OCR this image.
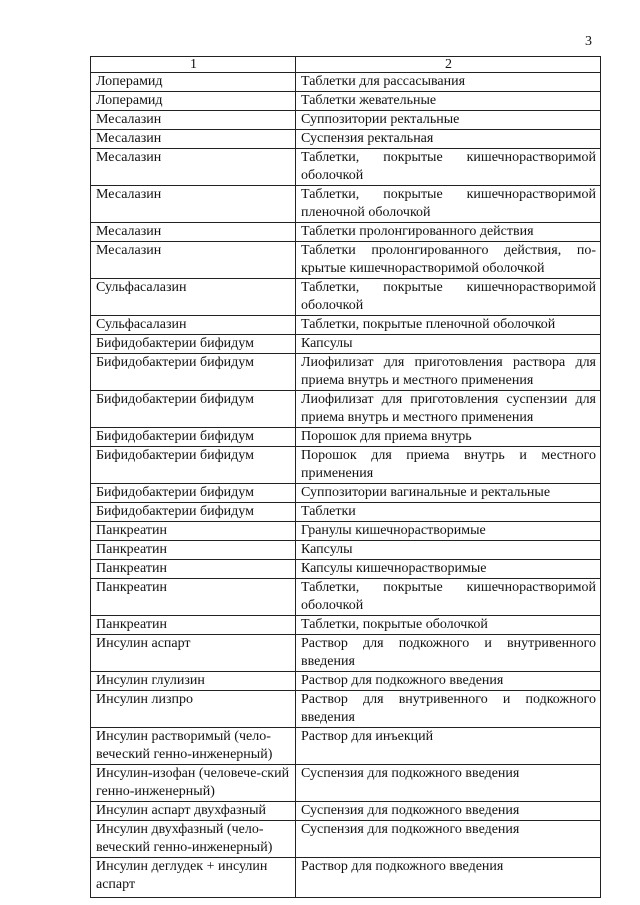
3
1	2
Лоперамид	Таблетки для рассасывания
Лоперамид	Таблетки жевательные
Месалазин	Суппозитории ректальные
Месалазин	Суспензия ректальная
Месалазин	Таблетки, покрытые кишечнорастворимой оболочкой
Месалазин	Таблетки, покрытые кишечнорастворимой пленочной оболочкой
Месалазин	Таблетки пролонгированного действия
Месалазин	Таблетки пролонгированного действия, по-крытые кишечнорастворимой оболочкой
Сульфасалазин	Таблетки, покрытые кишечнорастворимой оболочкой
Сульфасалазин	Таблетки, покрытые пленочной оболочкой
Бифидобактерии бифидум	Капсулы
Бифидобактерии бифидум	Лиофилизат для приготовления раствора для приема внутрь и местного применения
Бифидобактерии бифидум	Лиофилизат для приготовления суспензии для приема внутрь и местного применения
Бифидобактерии бифидум	Порошок для приема внутрь
Бифидобактерии бифидум	Порошок для приема внутрь и местного применения
Бифидобактерии бифидум	Суппозитории вагинальные и ректальные
Бифидобактерии бифидум	Таблетки
Панкреатин	Гранулы кишечнорастворимые
Панкреатин	Капсулы
Панкреатин	Капсулы кишечнорастворимые
Панкреатин	Таблетки, покрытые кишечнорастворимой оболочкой
Панкреатин	Таблетки, покрытые оболочкой
Инсулин аспарт	Раствор для подкожного и внутривенного введения
Инсулин глулизин	Раствор для подкожного введения
Инсулин лизпро	Раствор для внутривенного и подкожного введения
Инсулин растворимый (чело-веческий генно-инженерный)	Раствор для инъекций
Инсулин-изофан (человече-ский генно-инженерный)	Суспензия для подкожного введения
Инсулин аспарт двухфазный	Суспензия для подкожного введения
Инсулин двухфазный (чело-веческий генно-инженерный)	Суспензия для подкожного введения
Инсулин деглудек + инсулин аспарт	Раствор для подкожного введения
